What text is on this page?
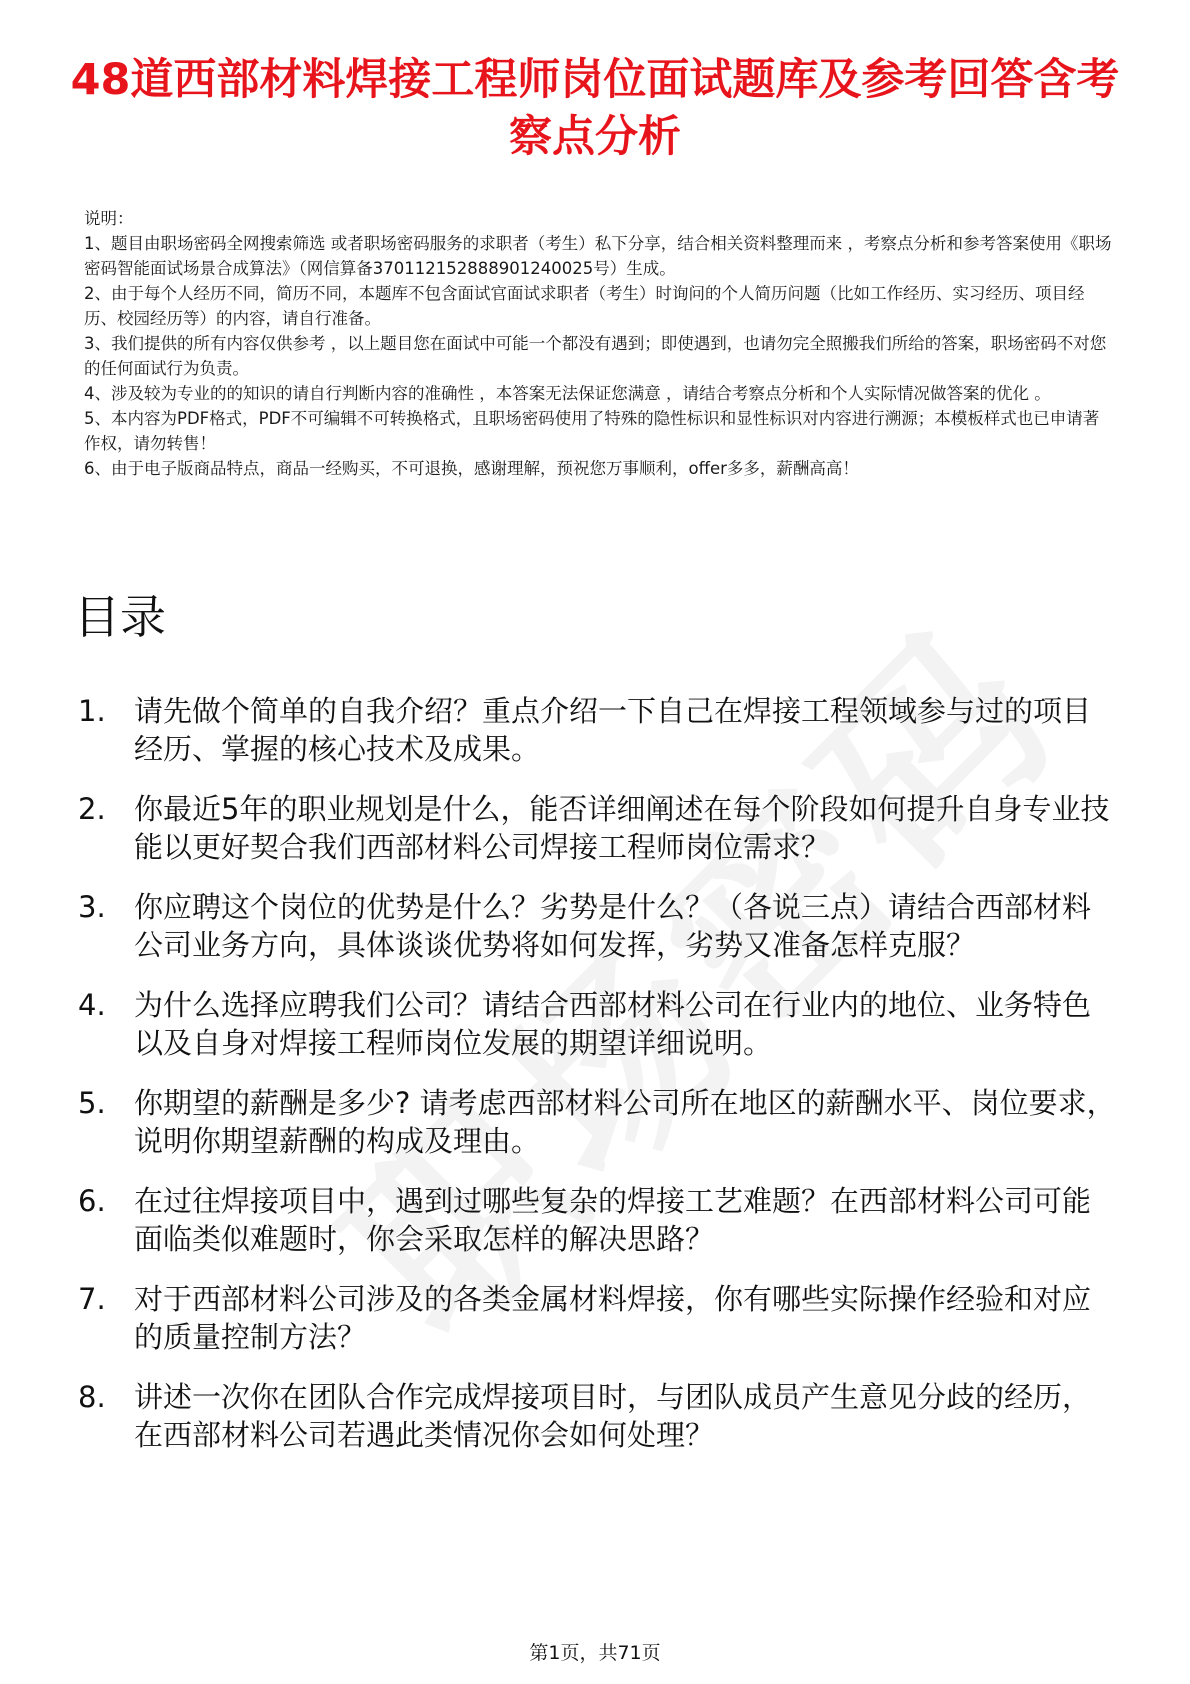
48道西部材料焊接工程师岗位面试题库及参考回答含考察点分析

说明：

1、题目由职场密码全网搜索筛选 或者职场密码服务的求职者（考生）私下分享，结合相关资料整理而来 ，考察点分析和参考答案使用《职场密码智能面试场景合成算法》（网信算备370112152888901240025号）生成。

2、由于每个人经历不同，简历不同，本题库不包含面试官面试求职者（考生）时询问的个人简历问题（比如工作经历、实习经历、项目经历、校园经历等）的内容，请自行准备。

3、我们提供的所有内容仅供参考 ，以上题目您在面试中可能一个都没有遇到；即使遇到，也请勿完全照搬我们所给的答案，职场密码不对您的任何面试行为负责。

4、涉及较为专业的的知识的请自行判断内容的准确性 ，本答案无法保证您满意 ，请结合考察点分析和个人实际情况做答案的优化 。

5、本内容为PDF格式，PDF不可编辑不可转换格式，且职场密码使用了特殊的隐性标识和显性标识对内容进行溯源；本模板样式也已申请著作权，请勿转售！

6、由于电子版商品特点，商品一经购买，不可退换，感谢理解，预祝您万事顺利，offer多多，薪酬高高！

目录
1. 请先做个简单的自我介绍？重点介绍一下自己在焊接工程领域参与过的项目经历、掌握的核心技术及成果。
2. 你最近5年的职业规划是什么，能否详细阐述在每个阶段如何提升自身专业技能以更好契合我们西部材料公司焊接工程师岗位需求？
3. 你应聘这个岗位的优势是什么？劣势是什么？（各说三点）请结合西部材料公司业务方向，具体谈谈优势将如何发挥，劣势又准备怎样克服？
4. 为什么选择应聘我们公司？请结合西部材料公司在行业内的地位、业务特色以及自身对焊接工程师岗位发展的期望详细说明。
5. 你期望的薪酬是多少? 请考虑西部材料公司所在地区的薪酬水平、岗位要求，说明你期望薪酬的构成及理由。
6. 在过往焊接项目中，遇到过哪些复杂的焊接工艺难题？在西部材料公司可能面临类似难题时，你会采取怎样的解决思路？
7. 对于西部材料公司涉及的各类金属材料焊接，你有哪些实际操作经验和对应的质量控制方法？
8. 讲述一次你在团队合作完成焊接项目时，与团队成员产生意见分歧的经历，在西部材料公司若遇此类情况你会如何处理？
第1页，共71页
